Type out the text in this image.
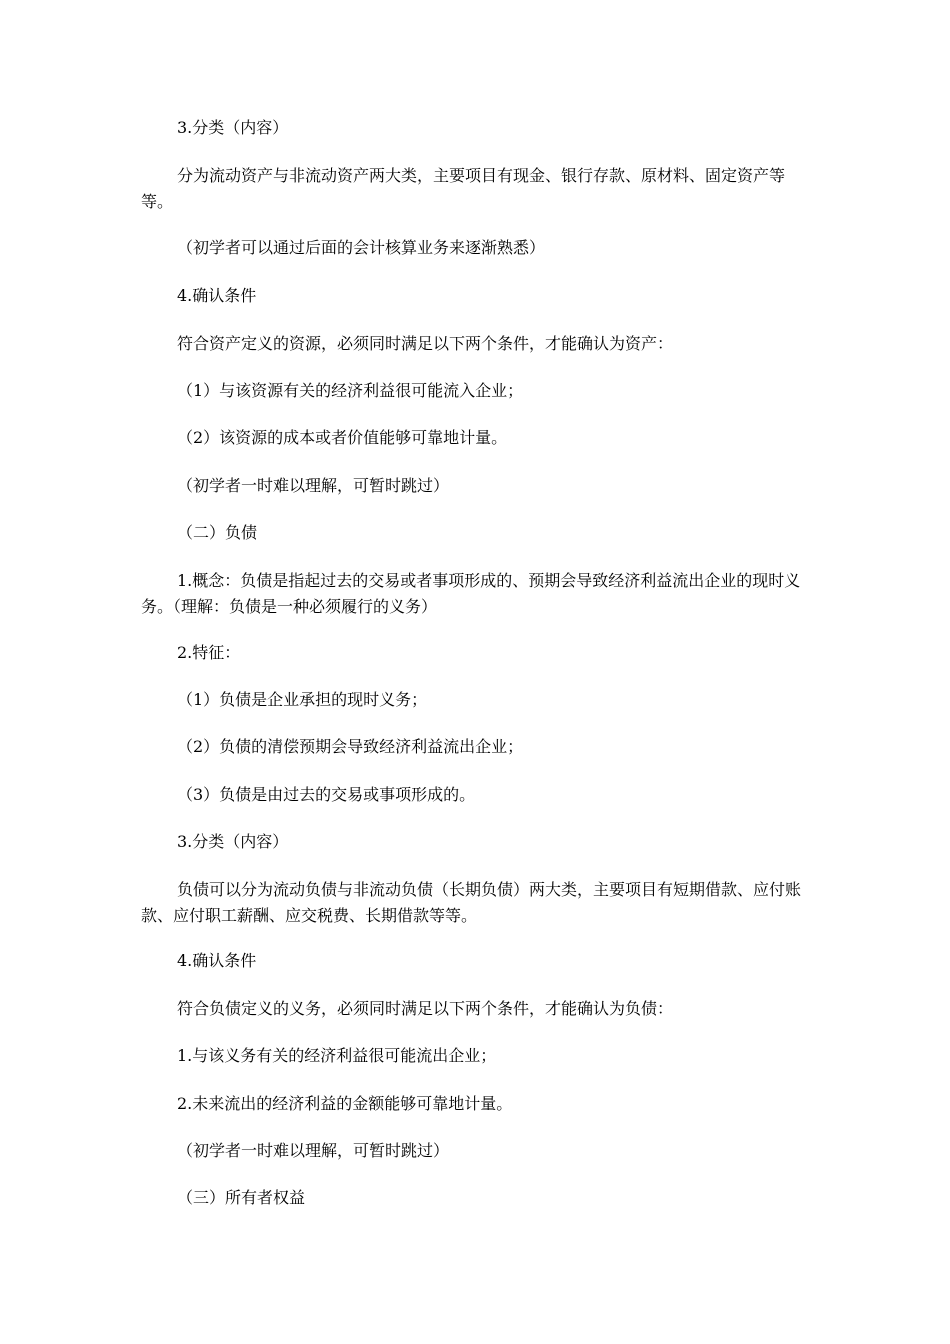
3.分类（内容）

分为流动资产与非流动资产两大类，主要项目有现金、银行存款、原材料、固定资产等等。

（初学者可以通过后面的会计核算业务来逐渐熟悉）

4.确认条件

符合资产定义的资源，必须同时满足以下两个条件，才能确认为资产：

（1）与该资源有关的经济利益很可能流入企业；

（2）该资源的成本或者价值能够可靠地计量。

（初学者一时难以理解，可暂时跳过）

（二）负债

1.概念：负债是指起过去的交易或者事项形成的、预期会导致经济利益流出企业的现时义务。（理解：负债是一种必须履行的义务）

2.特征：

（1）负债是企业承担的现时义务；

（2）负债的清偿预期会导致经济利益流出企业；

（3）负债是由过去的交易或事项形成的。

3.分类（内容）

负债可以分为流动负债与非流动负债（长期负债）两大类，主要项目有短期借款、应付账款、应付职工薪酬、应交税费、长期借款等等。

4.确认条件

符合负债定义的义务，必须同时满足以下两个条件，才能确认为负债：

1.与该义务有关的经济利益很可能流出企业；

2.未来流出的经济利益的金额能够可靠地计量。

（初学者一时难以理解，可暂时跳过）

（三）所有者权益
